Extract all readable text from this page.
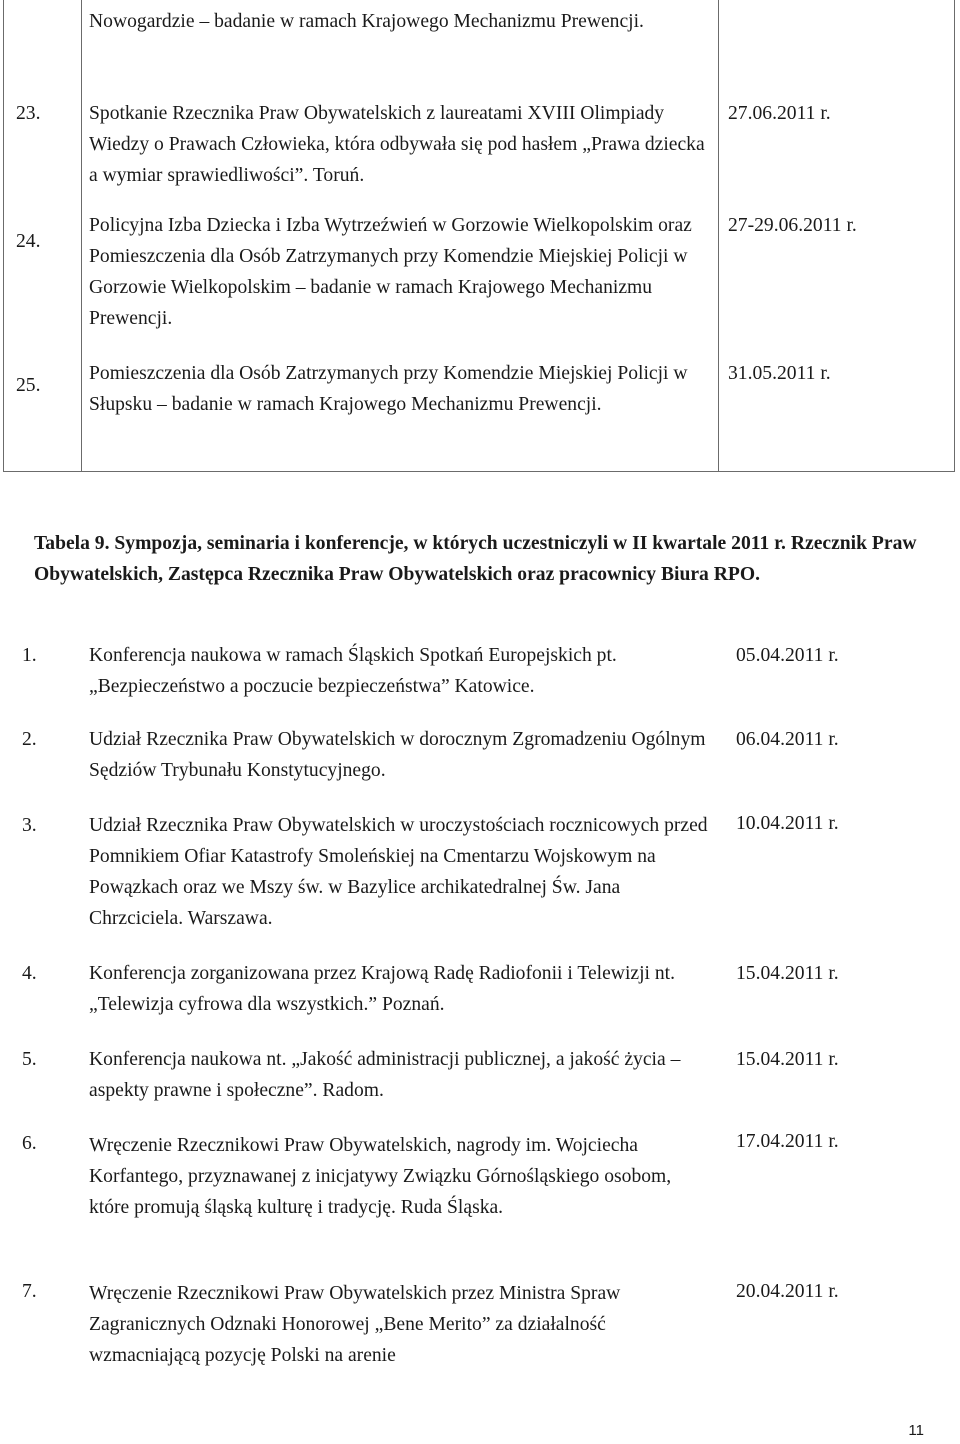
Nowogardzie – badanie w ramach Krajowego Mechanizmu Prewencji.
23. Spotkanie Rzecznika Praw Obywatelskich z laureatami XVIII Olimpiady Wiedzy o Prawach Człowieka, która odbywała się pod hasłem „Prawa dziecka a wymiar sprawiedliwości”. Toruń.
27.06.2011 r.
24.
Policyjna Izba Dziecka i Izba Wytrzeźwień w Gorzowie Wielkopolskim oraz Pomieszczenia dla Osób Zatrzymanych przy Komendzie Miejskiej Policji w Gorzowie Wielkopolskim – badanie w ramach Krajowego Mechanizmu Prewencji.
27-29.06.2011 r.
25.
Pomieszczenia dla Osób Zatrzymanych przy Komendzie Miejskiej Policji w Słupsku – badanie w ramach Krajowego Mechanizmu Prewencji.
31.05.2011 r.
Tabela 9. Sympozja, seminaria i konferencje, w których uczestniczyli w II kwartale 2011 r. Rzecznik Praw Obywatelskich, Zastępca Rzecznika Praw Obywatelskich oraz pracownicy Biura RPO.
1.	Konferencja naukowa w ramach Śląskich Spotkań Europejskich pt. „Bezpieczeństwo a poczucie bezpieczeństwa” Katowice.
05.04.2011 r.
2.	Udział Rzecznika Praw Obywatelskich w dorocznym Zgromadzeniu Ogólnym Sędziów Trybunału Konstytucyjnego.
06.04.2011 r.
3.	Udział Rzecznika Praw Obywatelskich w uroczystościach rocznicowych przed Pomnikiem Ofiar Katastrofy Smoleńskiej na Cmentarzu Wojskowym na Powązkach oraz we Mszy św. w Bazylice archikatedralnej Św. Jana Chrzciciela. Warszawa.
10.04.2011 r.
4.	Konferencja zorganizowana przez Krajową Radę Radiofonii i Telewizji nt. „Telewizja cyfrowa dla wszystkich.” Poznań.
15.04.2011 r.
5.	Konferencja naukowa nt. „Jakość administracji publicznej, a jakość życia – aspekty prawne i społeczne”. Radom.
15.04.2011 r.
6.	Wręczenie Rzecznikowi Praw Obywatelskich, nagrody im. Wojciecha Korfantego, przyznawanej z inicjatywy Związku Górnośląskiego osobom, które promują śląską kulturę i tradycję. Ruda Śląska.
17.04.2011 r.
7.	Wręczenie Rzecznikowi Praw Obywatelskich przez Ministra Spraw Zagranicznych Odznaki Honorowej „Bene Merito” za działalność wzmacniającą pozycję Polski na arenie
20.04.2011 r.
11
